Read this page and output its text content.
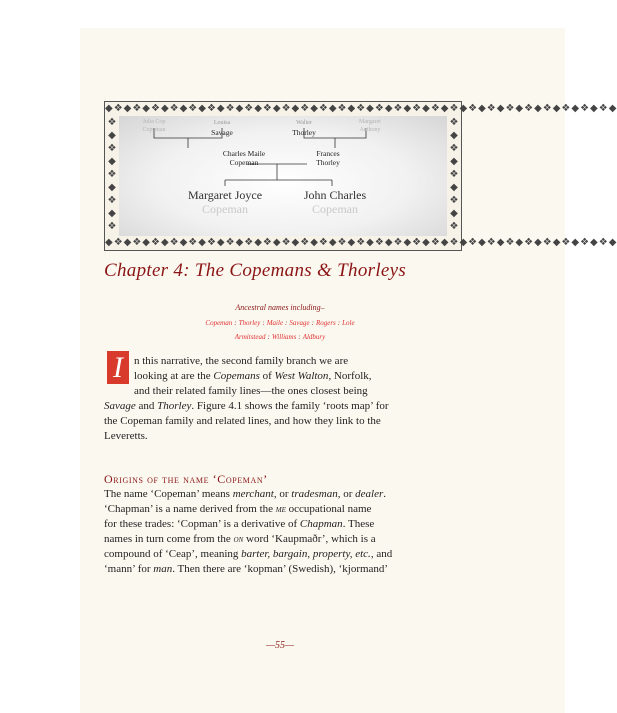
◆❖◆❖◆❖◆❖◆❖◆❖◆❖◆❖◆❖◆❖◆❖◆❖◆❖◆❖◆❖◆❖◆❖◆❖◆❖◆❖◆❖◆❖◆❖◆❖◆❖◆❖◆❖◆
◆❖◆❖◆❖◆❖◆❖◆❖◆❖◆❖◆❖◆❖◆❖◆❖◆❖◆❖◆❖◆❖◆❖◆❖◆❖◆❖◆❖◆❖◆❖◆❖◆❖◆❖◆❖◆
❖
◆
❖
◆
❖
◆
❖
◆
❖
❖
◆
❖
◆
❖
◆
❖
◆
❖
Julia Cop
Copeman
Louisa
Savage
Walter
Thorley
Margaret
Anthony
Charles Maile
Copeman
Frances
Thorley
Margaret Joyce
Copeman
John Charles
Copeman
Chapter 4: The Copemans & Thorleys
Ancestral names including–
Copeman : Thorley : Maile : Savage : Rogers : Lole
Armitstead : Williams : Aldbury
I	n this narrative, the second family branch we are

looking at are the Copemans of West Walton, Norfolk,

and their related family lines—the ones closest being

Savage and Thorley. Figure 4.1 shows the family ‘roots map’ for

the Copeman family and related lines, and how they link to the

Leveretts.

Origins of the name ‘Copeman’

The name ‘Copeman’ means merchant, or tradesman, or dealer.

‘Chapman’ is a name derived from the me occupational name

for these trades: ‘Copman’ is a derivative of Chapman. These

names in turn come from the on word ‘Kaupmaðr’, which is a

compound of ‘Ceap’, meaning barter, bargain, property, etc., and

‘mann’ for man. Then there are ‘kopman’ (Swedish), ‘kjormand’

—55—
